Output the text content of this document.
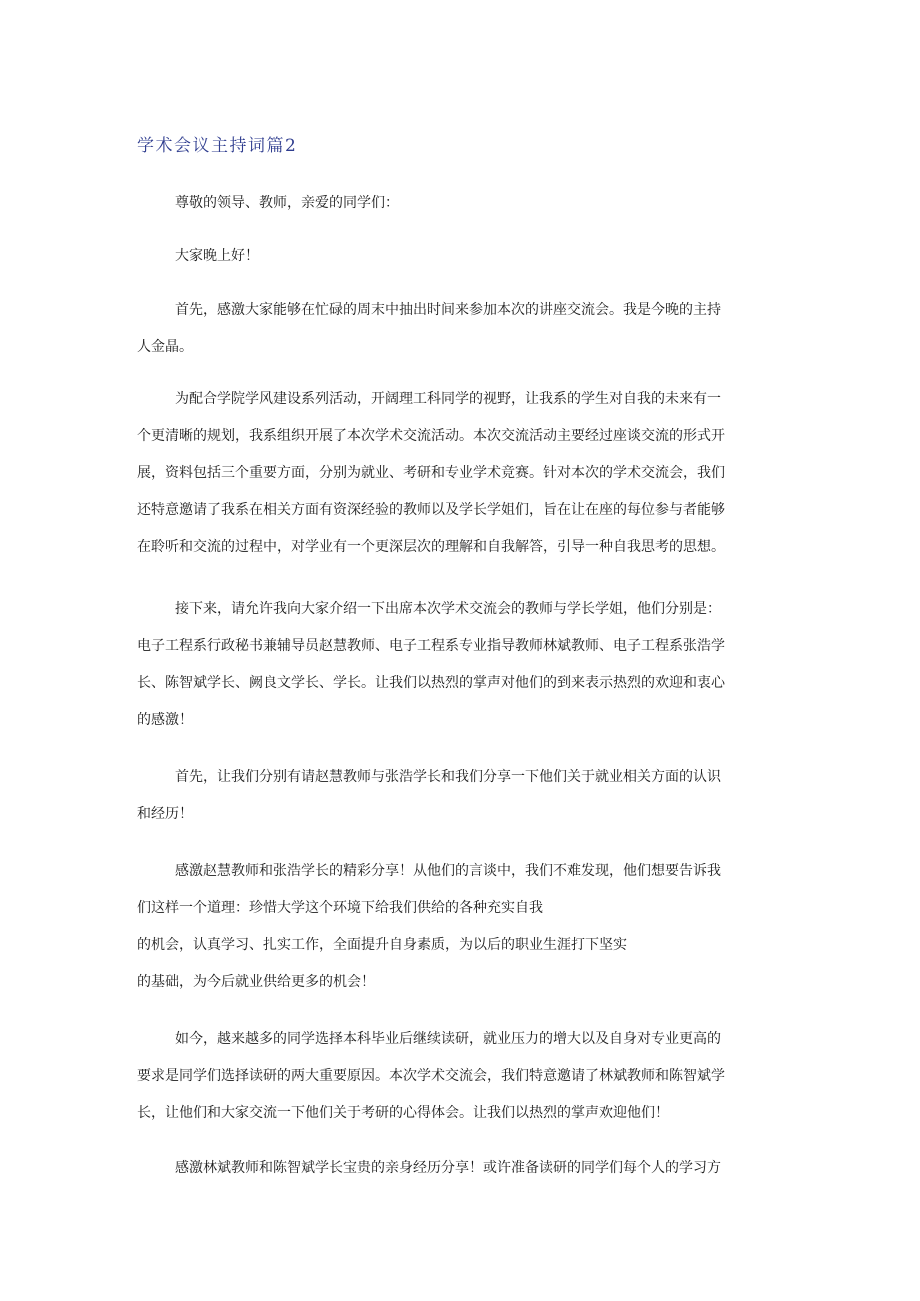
学术会议主持词篇2
尊敬的领导、教师，亲爱的同学们：
大家晚上好！
首先，感激大家能够在忙碌的周末中抽出时间来参加本次的讲座交流会。我是今晚的主持
人金晶。
为配合学院学风建设系列活动，开阔理工科同学的视野，让我系的学生对自我的未来有一
个更清晰的规划，我系组织开展了本次学术交流活动。本次交流活动主要经过座谈交流的形式开
展，资料包括三个重要方面，分别为就业、考研和专业学术竞赛。针对本次的学术交流会，我们
还特意邀请了我系在相关方面有资深经验的教师以及学长学姐们，旨在让在座的每位参与者能够
在聆听和交流的过程中，对学业有一个更深层次的理解和自我解答，引导一种自我思考的思想。
接下来，请允许我向大家介绍一下出席本次学术交流会的教师与学长学姐，他们分别是：
电子工程系行政秘书兼辅导员赵慧教师、电子工程系专业指导教师林斌教师、电子工程系张浩学
长、陈智斌学长、阙良文学长、学长。让我们以热烈的掌声对他们的到来表示热烈的欢迎和衷心
的感激！
首先，让我们分别有请赵慧教师与张浩学长和我们分享一下他们关于就业相关方面的认识
和经历！
感激赵慧教师和张浩学长的精彩分享！从他们的言谈中，我们不难发现，他们想要告诉我
们这样一个道理：珍惜大学这个环境下给我们供给的各种充实自我
的机会，认真学习、扎实工作，全面提升自身素质，为以后的职业生涯打下坚实
的基础，为今后就业供给更多的机会！
如今，越来越多的同学选择本科毕业后继续读研，就业压力的增大以及自身对专业更高的
要求是同学们选择读研的两大重要原因。本次学术交流会，我们特意邀请了林斌教师和陈智斌学
长，让他们和大家交流一下他们关于考研的心得体会。让我们以热烈的掌声欢迎他们！
感激林斌教师和陈智斌学长宝贵的亲身经历分享！或许准备读研的同学们每个人的学习方
